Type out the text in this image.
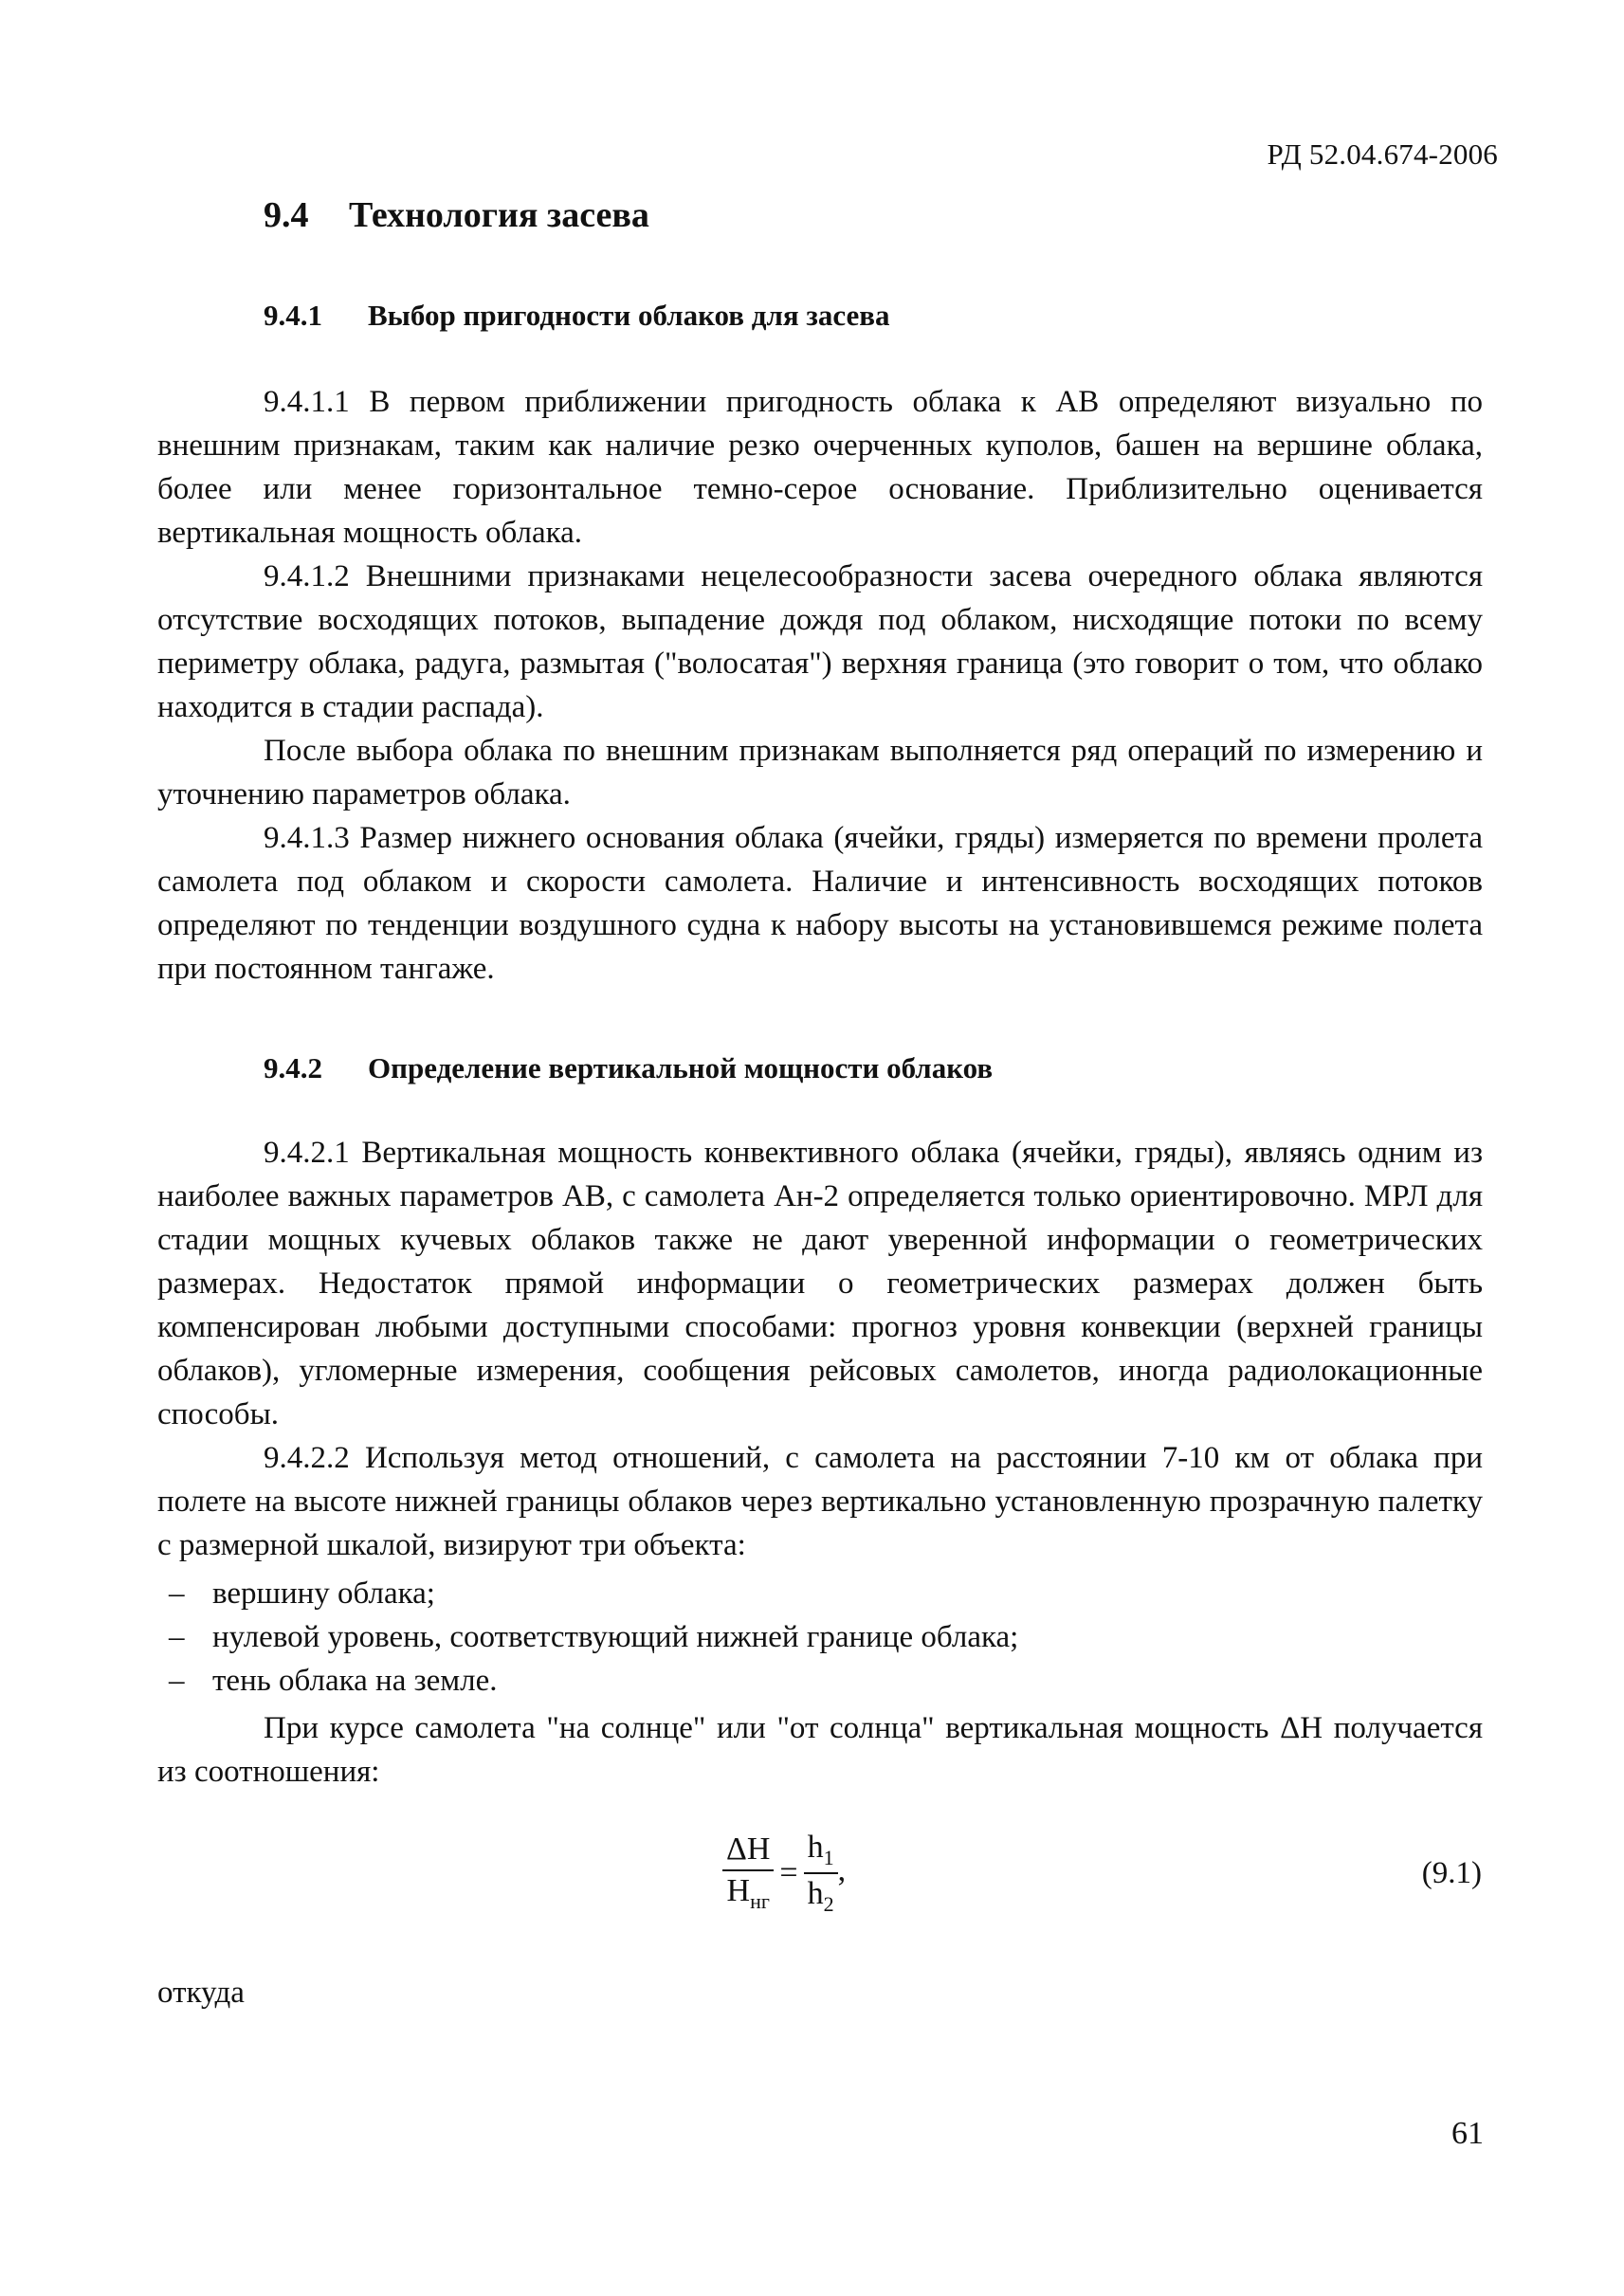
РД 52.04.674-2006
9.4 Технология засева
9.4.1 Выбор пригодности облаков для засева

9.4.1.1 В первом приближении пригодность облака к АВ определяют визуально по внешним признакам, таким как наличие резко очерченных куполов, башен на вершине облака, более или менее горизонтальное темно-серое основание. Приблизительно оценивается вертикальная мощность облака.

9.4.1.2 Внешними признаками нецелесообразности засева очередного облака являются отсутствие восходящих потоков, выпадение дождя под облаком, нисходящие потоки по всему периметру облака, радуга, размытая ("волосатая") верхняя граница (это говорит о том, что облако находится в стадии распада).

После выбора облака по внешним признакам выполняется ряд операций по измерению и уточнению параметров облака.

9.4.1.3 Размер нижнего основания облака (ячейки, гряды) измеряется по времени пролета самолета под облаком и скорости самолета. Наличие и интенсивность восходящих потоков определяют по тенденции воздушного судна к набору высоты на установившемся режиме полета при постоянном тангаже.

9.4.2 Определение вертикальной мощности облаков

9.4.2.1 Вертикальная мощность конвективного облака (ячейки, гряды), являясь одним из наиболее важных параметров АВ, с самолета Ан-2 определяется только ориентировочно. МРЛ для стадии мощных кучевых облаков также не дают уверенной информации о геометрических размерах. Недостаток прямой информации о геометрических размерах должен быть компенсирован любыми доступными способами: прогноз уровня конвекции (верхней границы облаков), угломерные измерения, сообщения рейсовых самолетов, иногда радиолокационные способы.

9.4.2.2 Используя метод отношений, с самолета на расстоянии 7-10 км от облака при полете на высоте нижней границы облаков через вертикально установленную прозрачную палетку с размерной шкалой, визируют три объекта:

– вершину облака;
– нулевой уровень, соответствующий нижней границе облака;
– тень облака на земле.

При курсе самолета "на солнце" или "от солнца" вертикальная мощность ΔН получается из соотношения:

$\frac{\Delta Н}{Н_{нг}} = \frac{h_1}{h_2}$ ,	(9.1)
откуда
61
